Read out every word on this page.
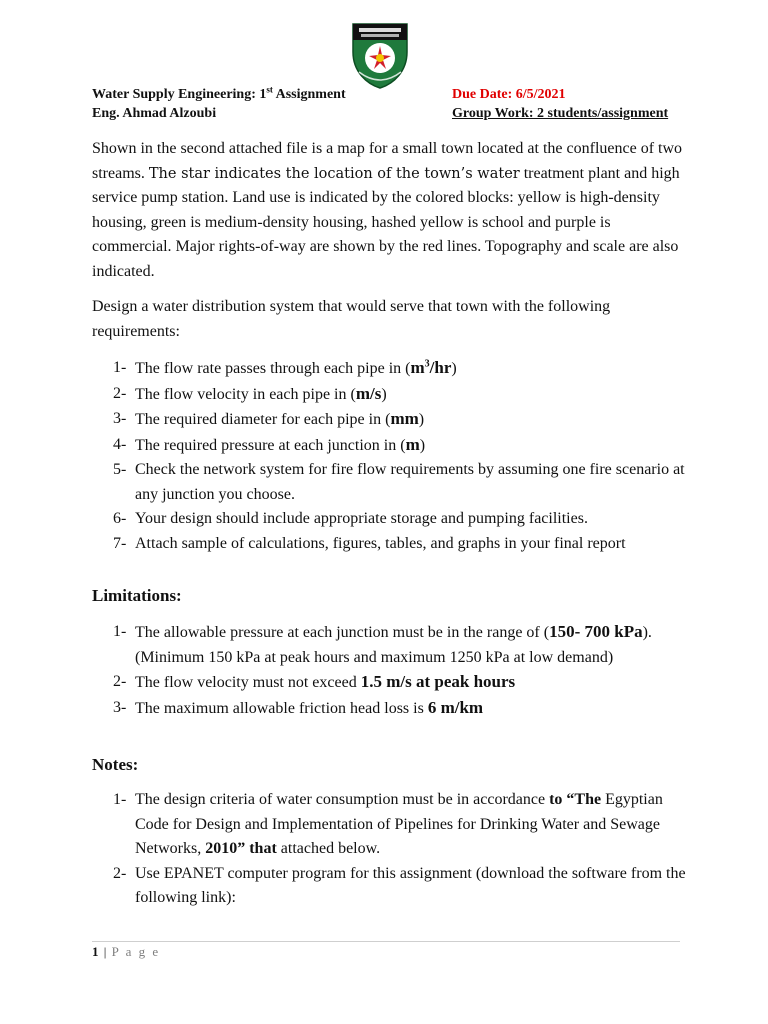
Water Supply Engineering: 1st Assignment
Eng. Ahmad Alzoubi
Due Date: 6/5/2021
Group Work: 2 students/assignment
Shown in the second attached file is a map for a small town located at the confluence of two streams. The star indicates the location of the town’s water treatment plant and high service pump station. Land use is indicated by the colored blocks: yellow is high-density housing, green is medium-density housing, hashed yellow is school and purple is commercial. Major rights-of-way are shown by the red lines. Topography and scale are also indicated.
Design a water distribution system that would serve that town with the following requirements:
1- The flow rate passes through each pipe in $(m^3/hr)$
2- The flow velocity in each pipe in (m/s)
3- The required diameter for each pipe in (mm)
4- The required pressure at each junction in (m)
5- Check the network system for fire flow requirements by assuming one fire scenario at any junction you choose.
6- Your design should include appropriate storage and pumping facilities.
7- Attach sample of calculations, figures, tables, and graphs in your final report
Limitations:
1- The allowable pressure at each junction must be in the range of (150- 700 kPa). (Minimum 150 kPa at peak hours and maximum 1250 kPa at low demand)
2- The flow velocity must not exceed 1.5 m/s at peak hours
3- The maximum allowable friction head loss is 6 m/km
Notes:
1- The design criteria of water consumption must be in accordance to “The Egyptian Code for Design and Implementation of Pipelines for Drinking Water and Sewage Networks, 2010” that attached below.
2- Use EPANET computer program for this assignment (download the software from the following link):
1 | P a g e
